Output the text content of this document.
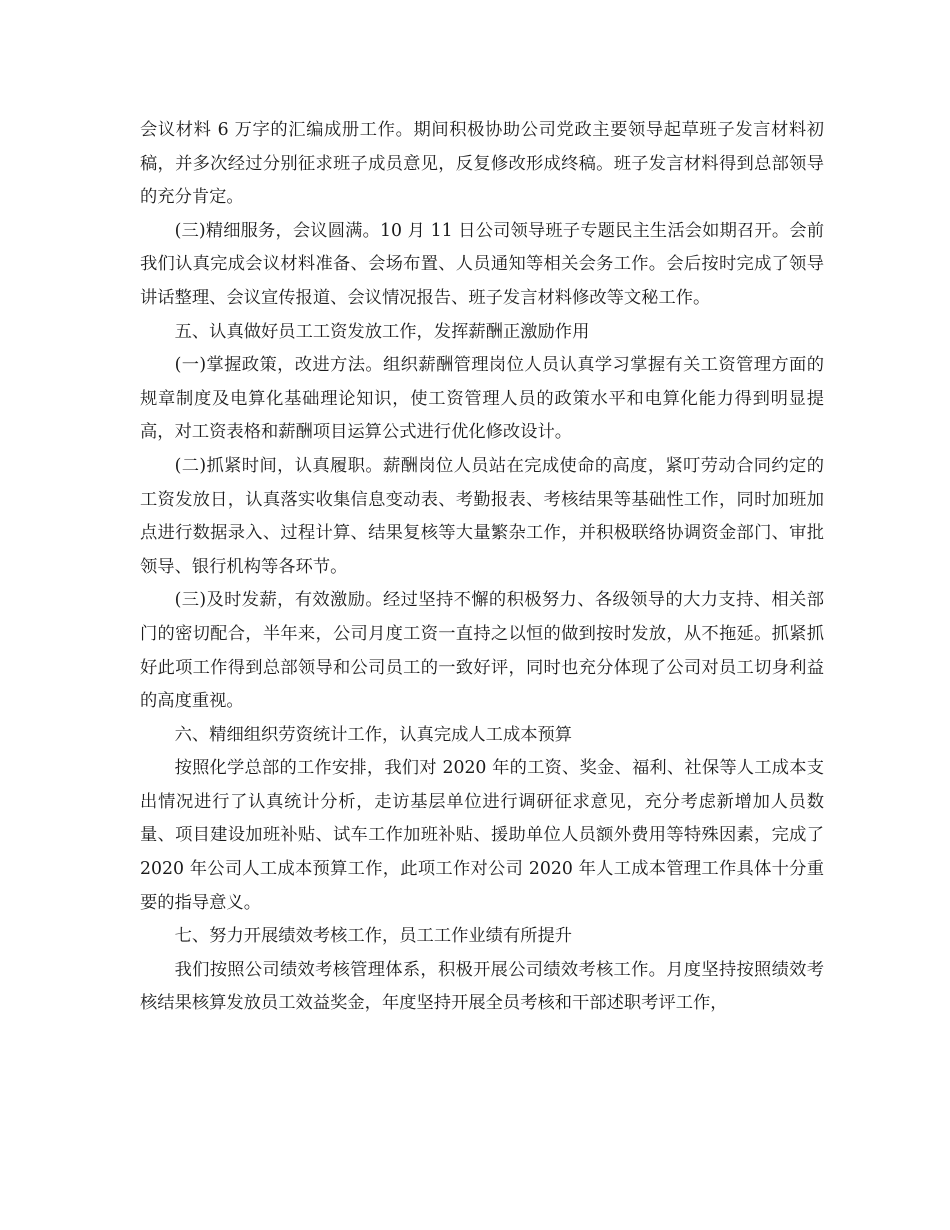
会议材料 6 万字的汇编成册工作。期间积极协助公司党政主要领导起草班子发言材料初稿，并多次经过分别征求班子成员意见，反复修改形成终稿。班子发言材料得到总部领导的充分肯定。

(三)精细服务，会议圆满。10 月 11 日公司领导班子专题民主生活会如期召开。会前我们认真完成会议材料准备、会场布置、人员通知等相关会务工作。会后按时完成了领导讲话整理、会议宣传报道、会议情况报告、班子发言材料修改等文秘工作。

五、认真做好员工工资发放工作，发挥薪酬正激励作用

(一)掌握政策，改进方法。组织薪酬管理岗位人员认真学习掌握有关工资管理方面的规章制度及电算化基础理论知识，使工资管理人员的政策水平和电算化能力得到明显提高，对工资表格和薪酬项目运算公式进行优化修改设计。

(二)抓紧时间，认真履职。薪酬岗位人员站在完成使命的高度，紧叮劳动合同约定的工资发放日，认真落实收集信息变动表、考勤报表、考核结果等基础性工作，同时加班加点进行数据录入、过程计算、结果复核等大量繁杂工作，并积极联络协调资金部门、审批领导、银行机构等各环节。

(三)及时发薪，有效激励。经过坚持不懈的积极努力、各级领导的大力支持、相关部门的密切配合，半年来，公司月度工资一直持之以恒的做到按时发放，从不拖延。抓紧抓好此项工作得到总部领导和公司员工的一致好评，同时也充分体现了公司对员工切身利益的高度重视。

六、精细组织劳资统计工作，认真完成人工成本预算

按照化学总部的工作安排，我们对 2020 年的工资、奖金、福利、社保等人工成本支出情况进行了认真统计分析，走访基层单位进行调研征求意见，充分考虑新增加人员数量、项目建设加班补贴、试车工作加班补贴、援助单位人员额外费用等特殊因素，完成了 2020 年公司人工成本预算工作，此项工作对公司 2020 年人工成本管理工作具体十分重要的指导意义。

七、努力开展绩效考核工作，员工工作业绩有所提升

我们按照公司绩效考核管理体系，积极开展公司绩效考核工作。月度坚持按照绩效考核结果核算发放员工效益奖金，年度坚持开展全员考核和干部述职考评工作，
